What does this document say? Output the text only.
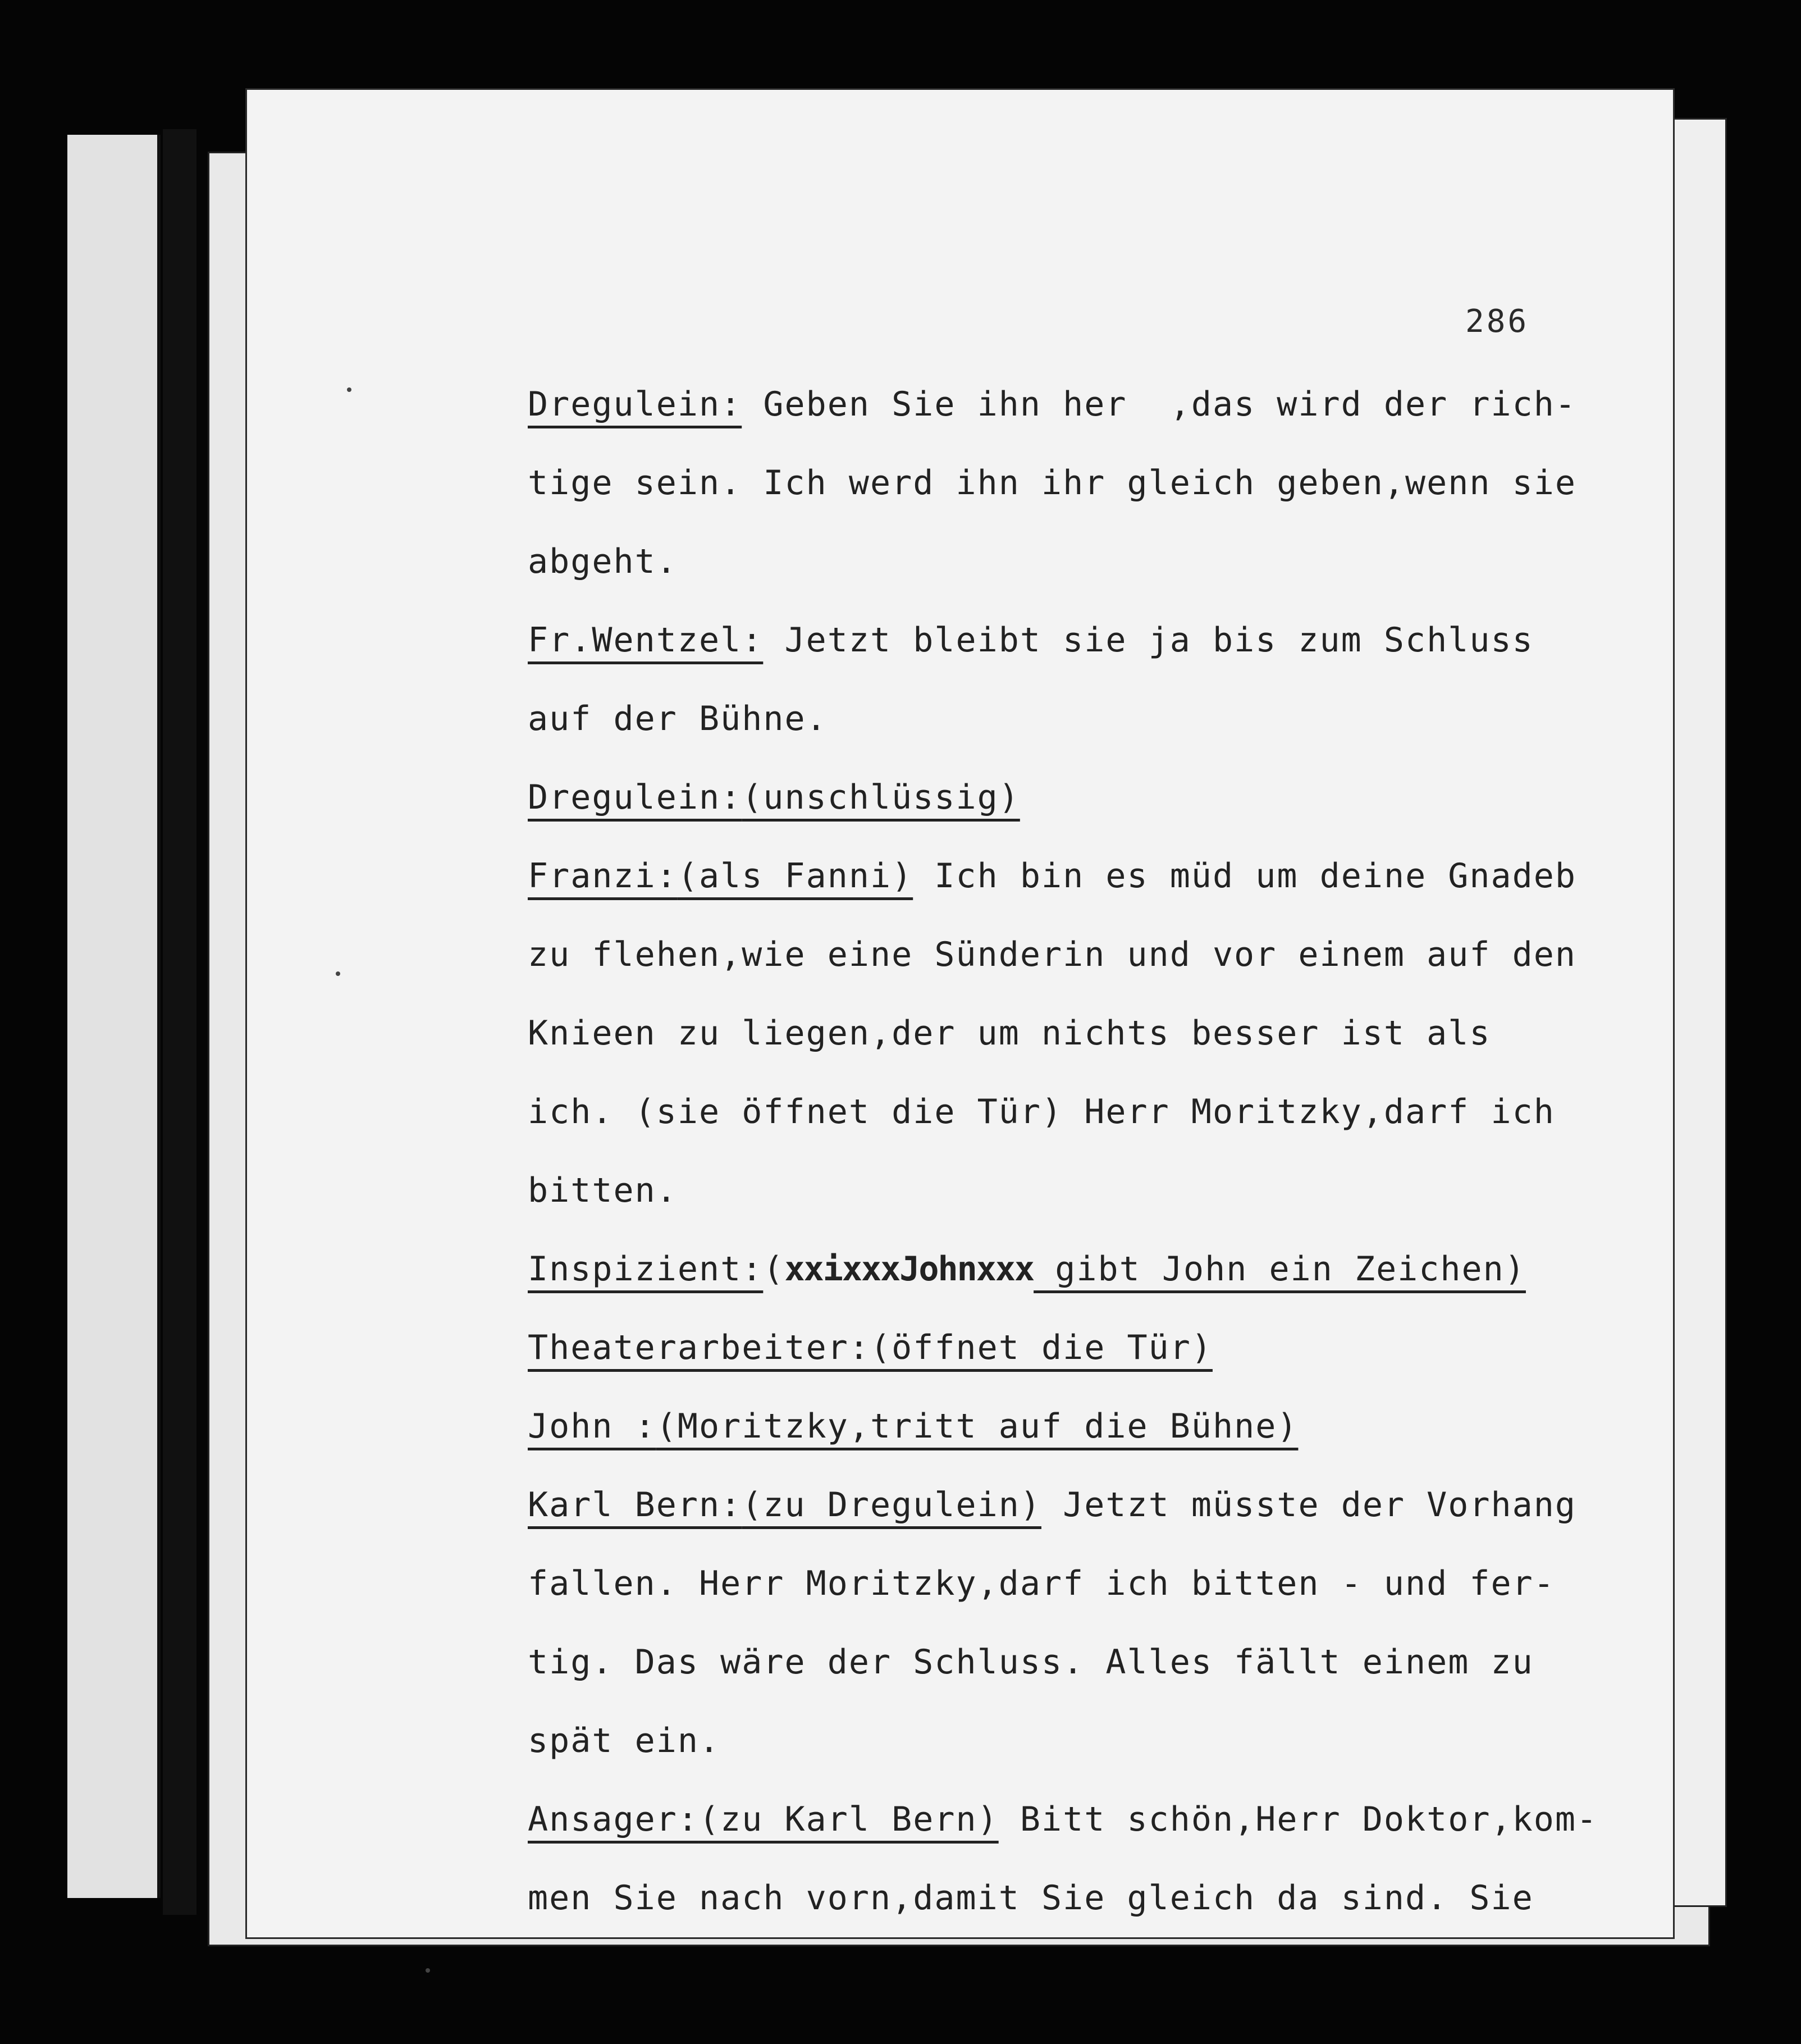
286
Dregulein: Geben Sie ihn her  ,das wird der rich-
tige sein. Ich werd ihn ihr gleich geben,wenn sie
abgeht.
Fr.Wentzel: Jetzt bleibt sie ja bis zum Schluss
auf der Bühne.
Dregulein:(unschlüssig)
Franzi:(als Fanni) Ich bin es müd um deine Gnadeb
zu flehen,wie eine Sünderin und vor einem auf den
Knieen zu liegen,der um nichts besser ist als
ich. (sie öffnet die Tür) Herr Moritzky,darf ich
bitten.
Inspizient:(xxixxxJohnxxx gibt John ein Zeichen)
Theaterarbeiter:(öffnet die Tür)
John :(Moritzky,tritt auf die Bühne)
Karl Bern:(zu Dregulein) Jetzt müsste der Vorhang
fallen. Herr Moritzky,darf ich bitten - und fer-
tig. Das wäre der Schluss. Alles fällt einem zu
spät ein.
Ansager:(zu Karl Bern) Bitt schön,Herr Doktor,kom-
men Sie nach vorn,damit Sie gleich da sind. Sie
